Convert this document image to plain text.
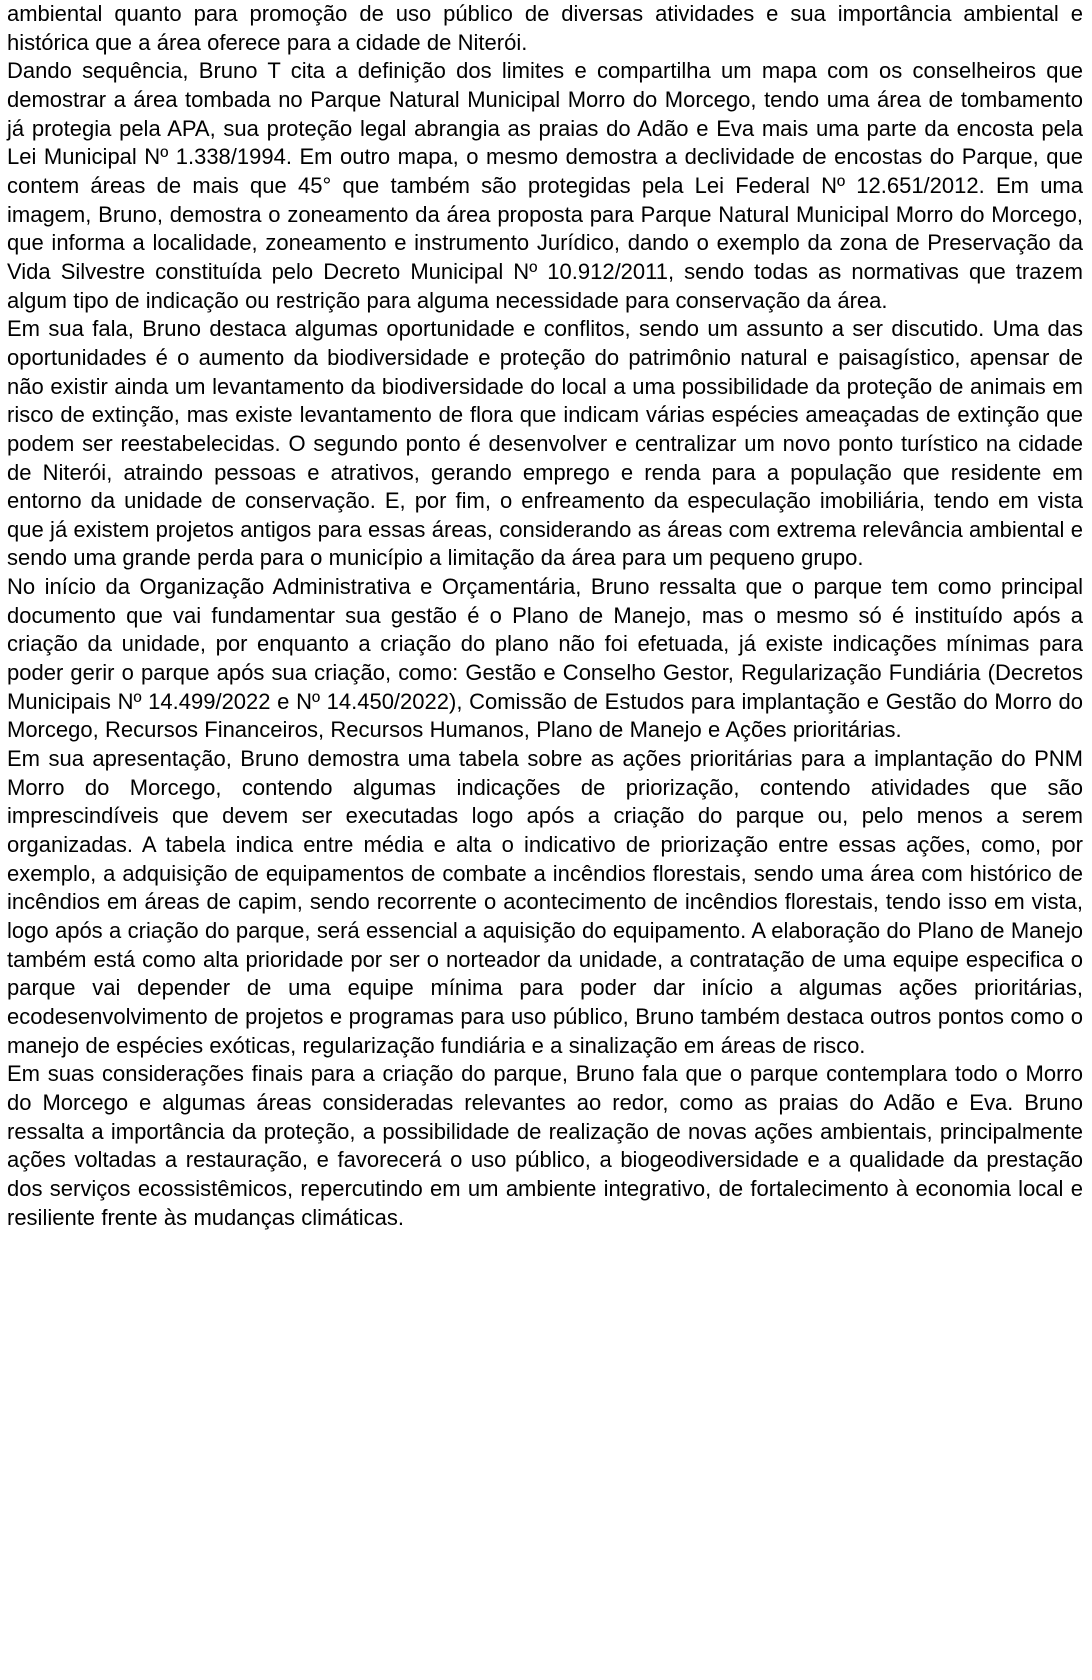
ambiental quanto para promoção de uso público de diversas atividades e sua importância ambiental e histórica que a área oferece para a cidade de Niterói.

Dando sequência, Bruno T cita a definição dos limites e compartilha um mapa com os conselheiros que demostrar a área tombada no Parque Natural Municipal Morro do Morcego, tendo uma área de tombamento já protegia pela APA, sua proteção legal abrangia as praias do Adão e Eva mais uma parte da encosta pela Lei Municipal Nº 1.338/1994. Em outro mapa, o mesmo demostra a declividade de encostas do Parque, que contem áreas de mais que 45° que também são protegidas pela Lei Federal Nº 12.651/2012. Em uma imagem, Bruno, demostra o zoneamento da área proposta para Parque Natural Municipal Morro do Morcego, que informa a localidade, zoneamento e instrumento Jurídico, dando o exemplo da zona de Preservação da Vida Silvestre constituída pelo Decreto Municipal Nº 10.912/2011, sendo todas as normativas que trazem algum tipo de indicação ou restrição para alguma necessidade para conservação da área.

Em sua fala, Bruno destaca algumas oportunidade e conflitos, sendo um assunto a ser discutido. Uma das oportunidades é o aumento da biodiversidade e proteção do patrimônio natural e paisagístico, apensar de não existir ainda um levantamento da biodiversidade do local a uma possibilidade da proteção de animais em risco de extinção, mas existe levantamento de flora que indicam várias espécies ameaçadas de extinção que podem ser reestabelecidas. O segundo ponto é desenvolver e centralizar um novo ponto turístico na cidade de Niterói, atraindo pessoas e atrativos, gerando emprego e renda para a população que residente em entorno da unidade de conservação. E, por fim, o enfreamento da especulação imobiliária, tendo em vista que já existem projetos antigos para essas áreas, considerando as áreas com extrema relevância ambiental e sendo uma grande perda para o município a limitação da área para um pequeno grupo.

No início da Organização Administrativa e Orçamentária, Bruno ressalta que o parque tem como principal documento que vai fundamentar sua gestão é o Plano de Manejo, mas o mesmo só é instituído após a criação da unidade, por enquanto a criação do plano não foi efetuada, já existe indicações mínimas para poder gerir o parque após sua criação, como: Gestão e Conselho Gestor, Regularização Fundiária (Decretos Municipais Nº 14.499/2022 e Nº 14.450/2022), Comissão de Estudos para implantação e Gestão do Morro do Morcego, Recursos Financeiros, Recursos Humanos, Plano de Manejo e Ações prioritárias.

Em sua apresentação, Bruno demostra uma tabela sobre as ações prioritárias para a implantação do PNM Morro do Morcego, contendo algumas indicações de priorização, contendo atividades que são imprescindíveis que devem ser executadas logo após a criação do parque ou, pelo menos a serem organizadas. A tabela indica entre média e alta o indicativo de priorização entre essas ações, como, por exemplo, a adquisição de equipamentos de combate a incêndios florestais, sendo uma área com histórico de incêndios em áreas de capim, sendo recorrente o acontecimento de incêndios florestais, tendo isso em vista, logo após a criação do parque, será essencial a aquisição do equipamento. A elaboração do Plano de Manejo também está como alta prioridade por ser o norteador da unidade, a contratação de uma equipe especifica o parque vai depender de uma equipe mínima para poder dar início a algumas ações prioritárias, ecodesenvolvimento de projetos e programas para uso público, Bruno também destaca outros pontos como o manejo de espécies exóticas, regularização fundiária e a sinalização em áreas de risco.

Em suas considerações finais para a criação do parque, Bruno fala que o parque contemplara todo o Morro do Morcego e algumas áreas consideradas relevantes ao redor, como as praias do Adão e Eva. Bruno ressalta a importância da proteção, a possibilidade de realização de novas ações ambientais, principalmente ações voltadas a restauração, e favorecerá o uso público, a biogeodiversidade e a qualidade da prestação dos serviços ecossistêmicos, repercutindo em um ambiente integrativo, de fortalecimento à economia local e resiliente frente às mudanças climáticas.
